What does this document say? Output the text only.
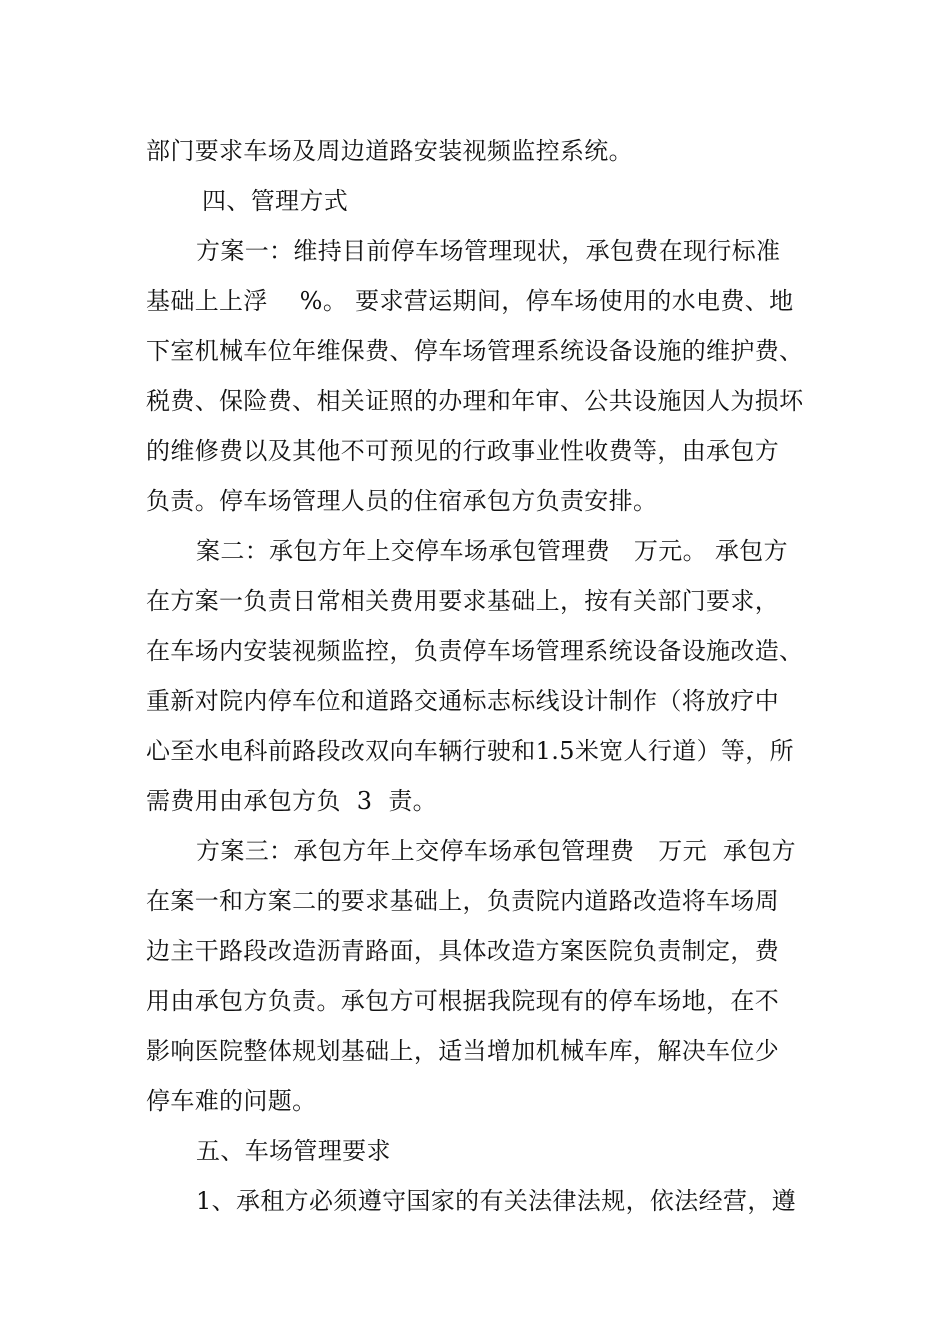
部门要求车场及周边道路安装视频监控系统。
四、管理方式
方案一：维持目前停车场管理现状，承包费在现行标准
基础上上浮    %。 要求营运期间，停车场使用的水电费、地
下室机械车位年维保费、停车场管理系统设备设施的维护费、
税费、保险费、相关证照的办理和年审、公共设施因人为损坏
的维修费以及其他不可预见的行政事业性收费等，由承包方
负责。停车场管理人员的住宿承包方负责安排。
案二：承包方年上交停车场承包管理费   万元。 承包方
在方案一负责日常相关费用要求基础上，按有关部门要求，
在车场内安装视频监控，负责停车场管理系统设备设施改造、
重新对院内停车位和道路交通标志标线设计制作（将放疗中
心至水电科前路段改双向车辆行驶和1.5米宽人行道）等，所
需费用由承包方负  3  责。
方案三：承包方年上交停车场承包管理费   万元  承包方
在案一和方案二的要求基础上，负责院内道路改造将车场周
边主干路段改造沥青路面，具体改造方案医院负责制定，费
用由承包方负责。承包方可根据我院现有的停车场地，在不
影响医院整体规划基础上，适当增加机械车库，解决车位少
停车难的问题。
五、车场管理要求
1、承租方必须遵守国家的有关法律法规，依法经营，遵
